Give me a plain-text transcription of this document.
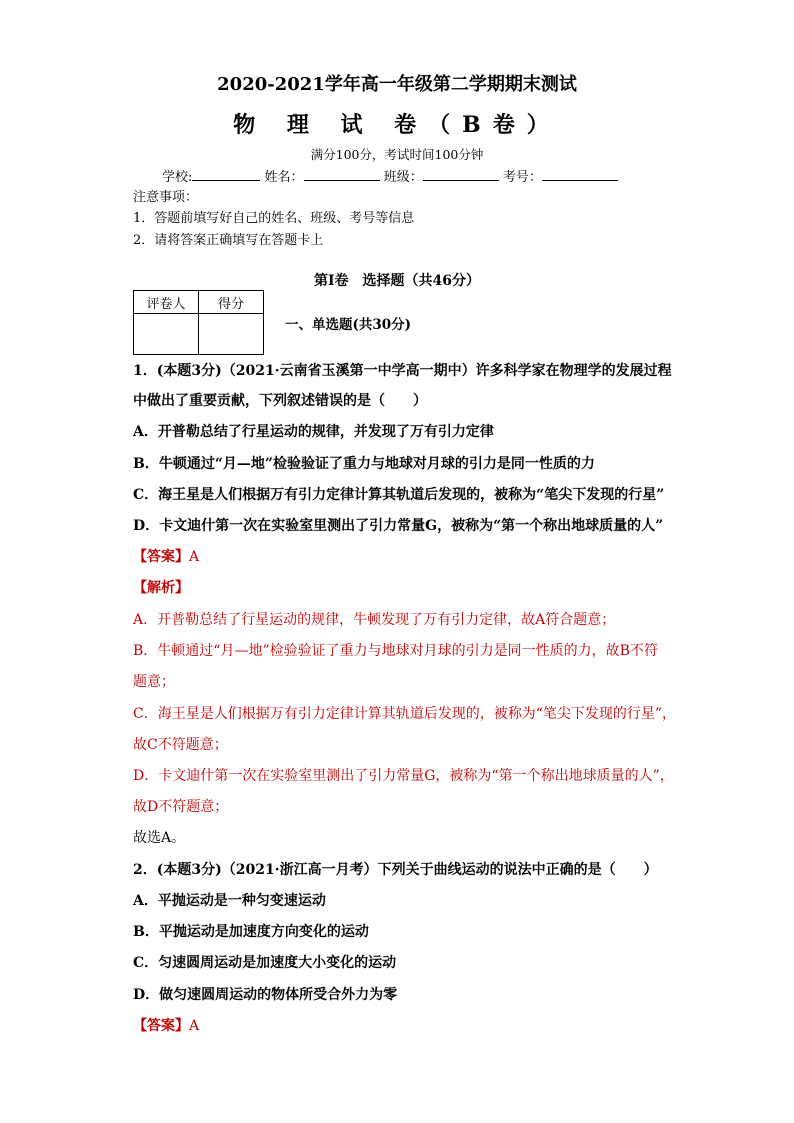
2020-2021学年高一年级第二学期期末测试
物 理 试 卷（B卷）
满分100分，考试时间100分钟
学校:	姓名：	班级：	考号：
注意事项：
1．答题前填写好自己的姓名、班级、考号等信息
2．请将答案正确填写在答题卡上
第I卷　选择题（共46分）
评卷人	得分

一、单选题(共30分)
1．(本题3分)（2021·云南省玉溪第一中学高一期中）许多科学家在物理学的发展过程
中做出了重要贡献，下列叙述错误的是（　　）
A．开普勒总结了行星运动的规律，并发现了万有引力定律
B．牛顿通过“月—地”检验验证了重力与地球对月球的引力是同一性质的力
C．海王星是人们根据万有引力定律计算其轨道后发现的，被称为“笔尖下发现的行星”
D．卡文迪什第一次在实验室里测出了引力常量G，被称为“第一个称出地球质量的人”
【答案】A
【解析】
A．开普勒总结了行星运动的规律，牛顿发现了万有引力定律，故A符合题意；
B．牛顿通过“月—地”检验验证了重力与地球对月球的引力是同一性质的力，故B不符
题意；
C．海王星是人们根据万有引力定律计算其轨道后发现的，被称为“笔尖下发现的行星”，
故C不符题意；
D．卡文迪什第一次在实验室里测出了引力常量G，被称为“第一个称出地球质量的人”，
故D不符题意；
故选A。
2．(本题3分)（2021·浙江高一月考）下列关于曲线运动的说法中正确的是（　　）
A．平抛运动是一种匀变速运动
B．平抛运动是加速度方向变化的运动
C．匀速圆周运动是加速度大小变化的运动
D．做匀速圆周运动的物体所受合外力为零
【答案】A
